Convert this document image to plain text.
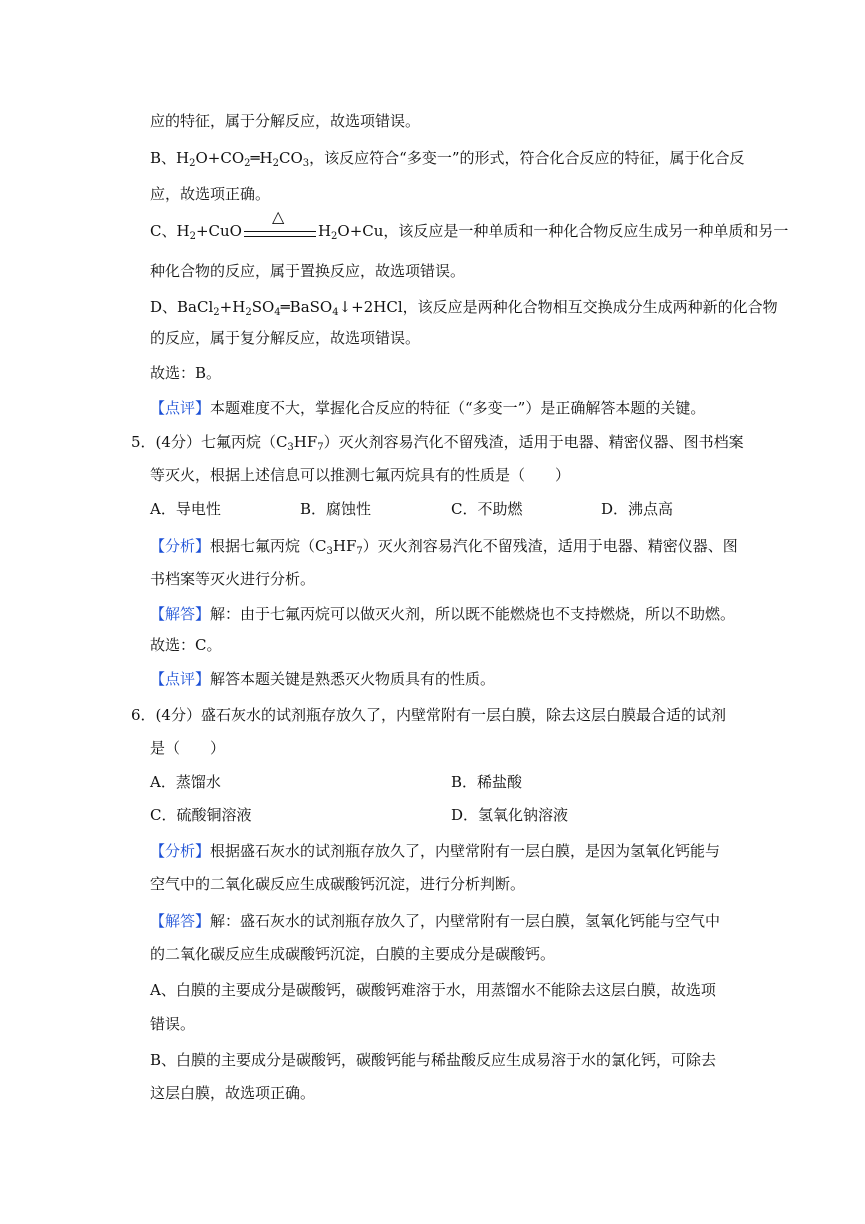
应的特征，属于分解反应，故选项错误。
B、$H_2O+CO_2═H_2CO_3$，该反应符合“多变一”的形式，符合化合反应的特征，属于化合反
应，故选项正确。
C、$H_2+CuO$
△
$H_2O+Cu$，该反应是一种单质和一种化合物反应生成另一种单质和另一
种化合物的反应，属于置换反应，故选项错误。
D、$BaCl_2+H_2SO_4═BaSO_4↓+2HCl$，该反应是两种化合物相互交换成分生成两种新的化合物
的反应，属于复分解反应，故选项错误。
故选：B。
【点评】本题难度不大，掌握化合反应的特征（“多变一”）是正确解答本题的关键。
5．(4分）七氟丙烷$(C_3HF_7)$灭火剂容易汽化不留残渣，适用于电器、精密仪器、图书档案
等灭火，根据上述信息可以推测七氟丙烷具有的性质是（　　）
A．导电性	B．腐蚀性	C．不助燃	D．沸点高
【分析】根据七氟丙烷$(C_3HF_7)$灭火剂容易汽化不留残渣，适用于电器、精密仪器、图
书档案等灭火进行分析。
【解答】解：由于七氟丙烷可以做灭火剂，所以既不能燃烧也不支持燃烧，所以不助燃。
故选：C。
【点评】解答本题关键是熟悉灭火物质具有的性质。
6．(4分）盛石灰水的试剂瓶存放久了，内壁常附有一层白膜，除去这层白膜最合适的试剂
是（　　）
A．蒸馏水	B．稀盐酸
C．硫酸铜溶液	D．氢氧化钠溶液
【分析】根据盛石灰水的试剂瓶存放久了，内壁常附有一层白膜，是因为氢氧化钙能与
空气中的二氧化碳反应生成碳酸钙沉淀，进行分析判断。
【解答】解：盛石灰水的试剂瓶存放久了，内壁常附有一层白膜，氢氧化钙能与空气中
的二氧化碳反应生成碳酸钙沉淀，白膜的主要成分是碳酸钙。
A、白膜的主要成分是碳酸钙，碳酸钙难溶于水，用蒸馏水不能除去这层白膜，故选项
错误。
B、白膜的主要成分是碳酸钙，碳酸钙能与稀盐酸反应生成易溶于水的氯化钙，可除去
这层白膜，故选项正确。
